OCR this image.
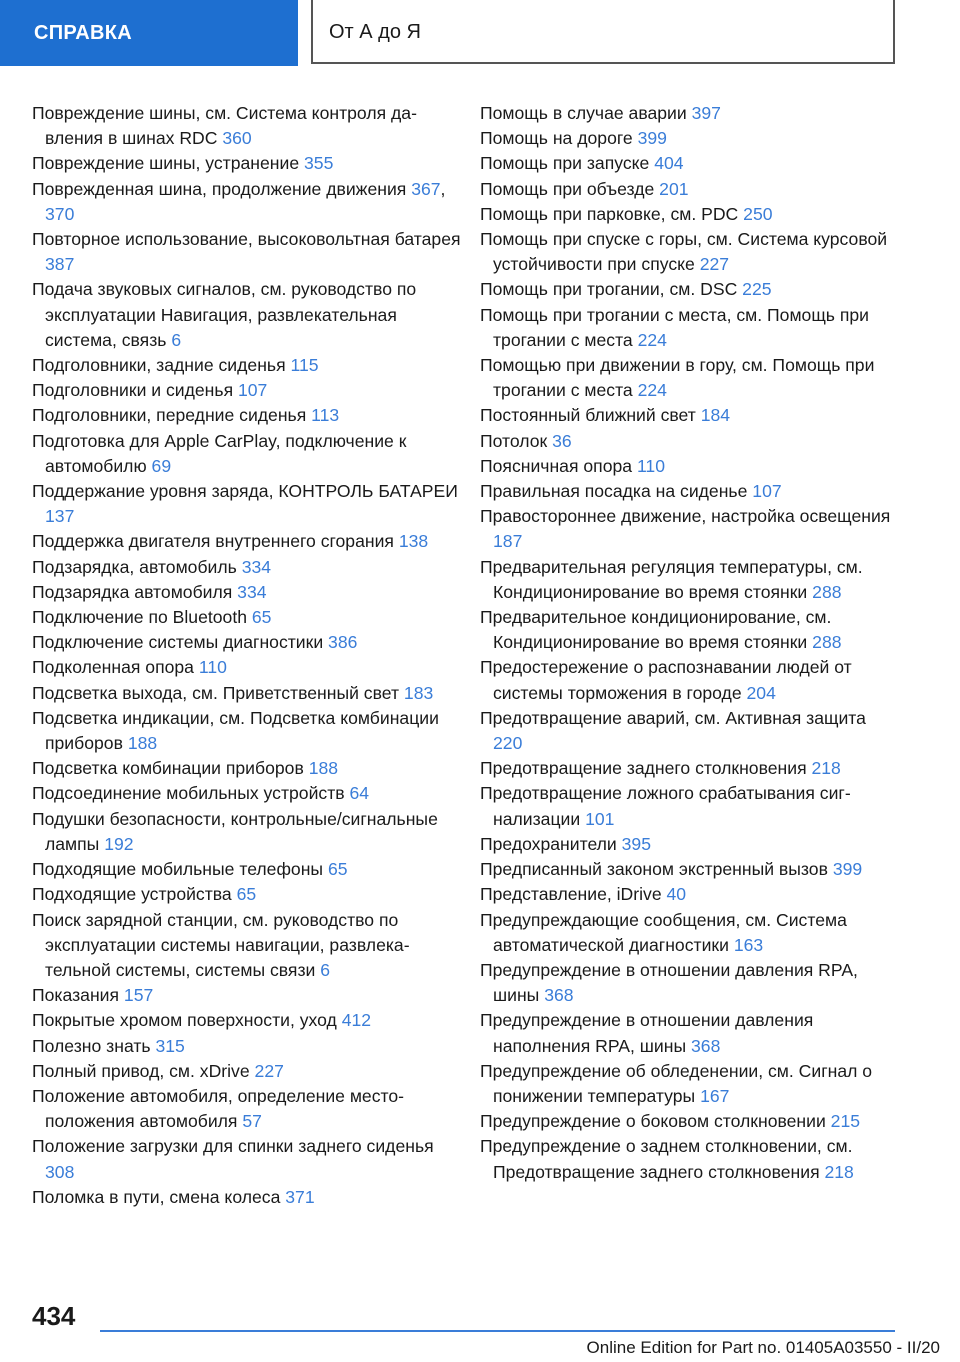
СПРАВКА	От А до Я

Повреждение шины, см. Система контроля давления в шинах RDC 360

Повреждение шины, устранение 355

Поврежденная шина, продолжение движения 367, 370

Повторное использование, высоковольтная батарея 387

Подача звуковых сигналов, см. руководство по эксплуатации Навигация, развлекательная система, связь 6

Подголовники, задние сиденья 115

Подголовники и сиденья 107

Подголовники, передние сиденья 113

Подготовка для Apple CarPlay, подключение к автомобилю 69

Поддержание уровня заряда, КОНТРОЛЬ БАТАРЕИ 137

Поддержка двигателя внутреннего сгорания 138

Подзарядка, автомобиль 334

Подзарядка автомобиля 334

Подключение по Bluetooth 65

Подключение системы диагностики 386

Подколенная опора 110

Подсветка выхода, см. Приветственный свет 183

Подсветка индикации, см. Подсветка комбинации приборов 188

Подсветка комбинации приборов 188

Подсоединение мобильных устройств 64

Подушки безопасности, контрольные/сигнальные лампы 192

Подходящие мобильные телефоны 65

Подходящие устройства 65

Поиск зарядной станции, см. руководство по эксплуатации системы навигации, развлекательной системы, системы связи 6

Показания 157

Покрытые хромом поверхности, уход 412

Полезно знать 315

Полный привод, см. xDrive 227

Положение автомобиля, определение местоположения автомобиля 57

Положение загрузки для спинки заднего сиденья 308

Поломка в пути, смена колеса 371

Помощь в случае аварии 397

Помощь на дороге 399

Помощь при запуске 404

Помощь при объезде 201

Помощь при парковке, см. PDC 250

Помощь при спуске с горы, см. Система курсовой устойчивости при спуске 227

Помощь при трогании, см. DSC 225

Помощь при трогании с места, см. Помощь при трогании с места 224

Помощью при движении в гору, см. Помощь при трогании с места 224

Постоянный ближний свет 184

Потолок 36

Поясничная опора 110

Правильная посадка на сиденье 107

Правостороннее движение, настройка освещения 187

Предварительная регуляция температуры, см. Кондиционирование во время стоянки 288

Предварительное кондиционирование, см. Кондиционирование во время стоянки 288

Предостережение о распознавании людей от системы торможения в городе 204

Предотвращение аварий, см. Активная защита 220

Предотвращение заднего столкновения 218

Предотвращение ложного срабатывания сигнализации 101

Предохранители 395

Предписанный законом экстренный вызов 399

Представление, iDrive 40

Предупреждающие сообщения, см. Система автоматической диагностики 163

Предупреждение в отношении давления RPA, шины 368

Предупреждение в отношении давления наполнения RPA, шины 368

Предупреждение об обледенении, см. Сигнал о понижении температуры 167

Предупреждение о боковом столкновении 215

Предупреждение о заднем столкновении, см. Предотвращение заднего столкновения 218

434
Online Edition for Part no. 01405A03550 - II/20
